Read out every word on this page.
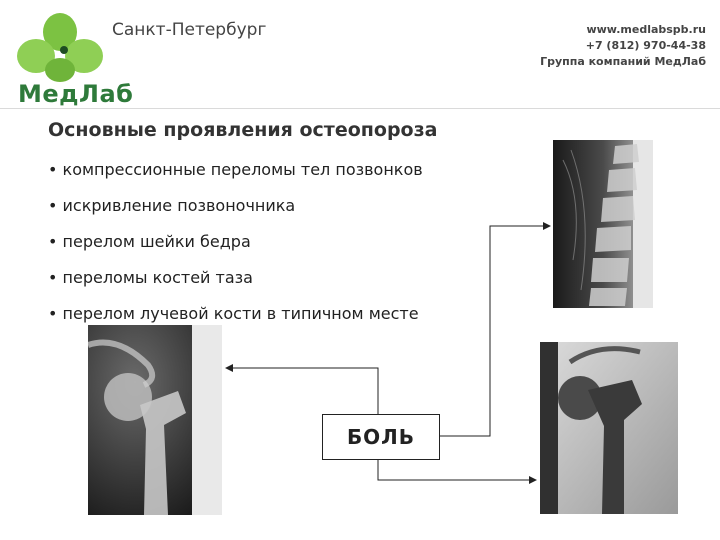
МедЛаб
Санкт-Петербург	www.medlabspb.ru
+7 (812) 970-44-38
Группа компаний МедЛаб
Основные проявления остеопороза
• компрессионные переломы тел позвонков
• искривление позвоночника
• перелом шейки бедра
• переломы костей таза
• перелом лучевой кости в типичном месте
БОЛЬ
